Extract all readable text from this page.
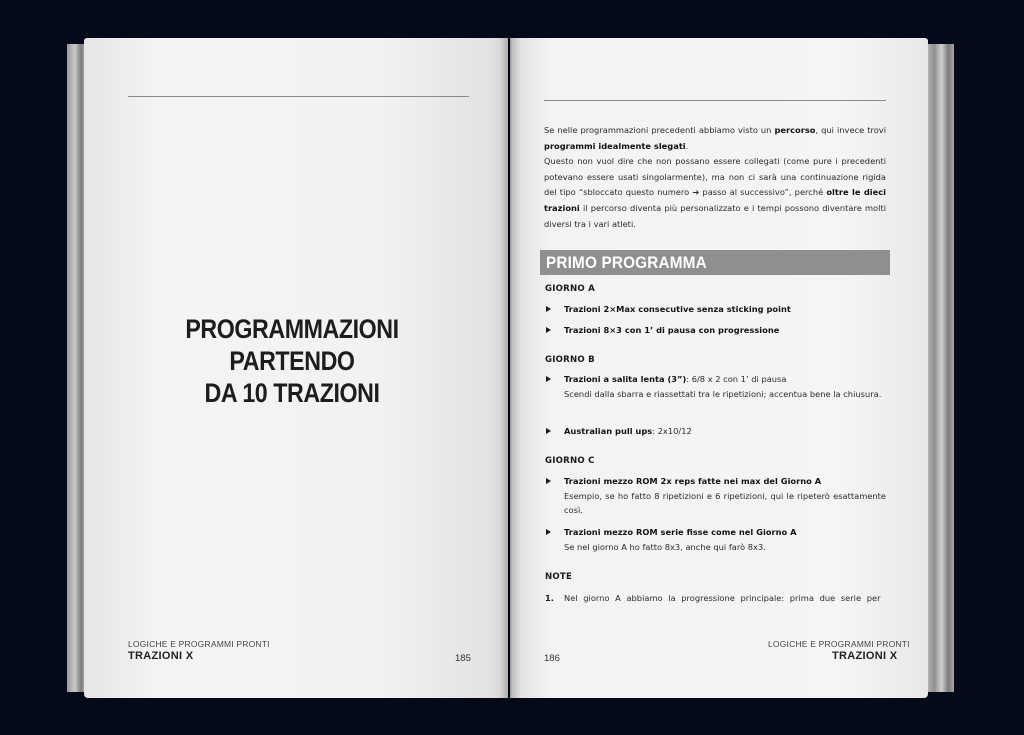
PROGRAMMAZIONI
PARTENDO
DA 10 TRAZIONI
LOGICHE E PROGRAMMI PRONTI
TRAZIONI X	185
Se nelle programmazioni precedenti abbiamo visto un percorso, qui invece trovi programmi idealmente slegati.
Questo non vuol dire che non possano essere collegati (come pure i precedenti potevano essere usati singolarmente), ma non ci sarà una continuazione rigida del tipo “sbloccato questo numero ➔ passo al successivo”, perché oltre le dieci trazioni il percorso diventa più personalizzato e i tempi possono diventare molti diversi tra i vari atleti.
PRIMO PROGRAMMA
GIORNO A
Trazioni 2×Max consecutive senza sticking point
Trazioni 8×3 con 1’ di pausa con progressione
GIORNO B
Trazioni a salita lenta (3”): 6/8 x 2 con 1’ di pausa
Scendi dalla sbarra e riassettati tra le ripetizioni; accentua bene la chiusura.
Australian pull ups: 2x10/12
GIORNO C
Trazioni mezzo ROM 2x reps fatte nei max del Giorno A
Esempio, se ho fatto 8 ripetizioni e 6 ripetizioni, qui le ripeterò esattamente così.
Trazioni mezzo ROM serie fisse come nel Giorno A
Se nel giorno A ho fatto 8x3, anche qui farò 8x3.
NOTE
1. Nel giorno A abbiamo la progressione principale: prima due serie per
186
LOGICHE E PROGRAMMI PRONTI
TRAZIONI X
